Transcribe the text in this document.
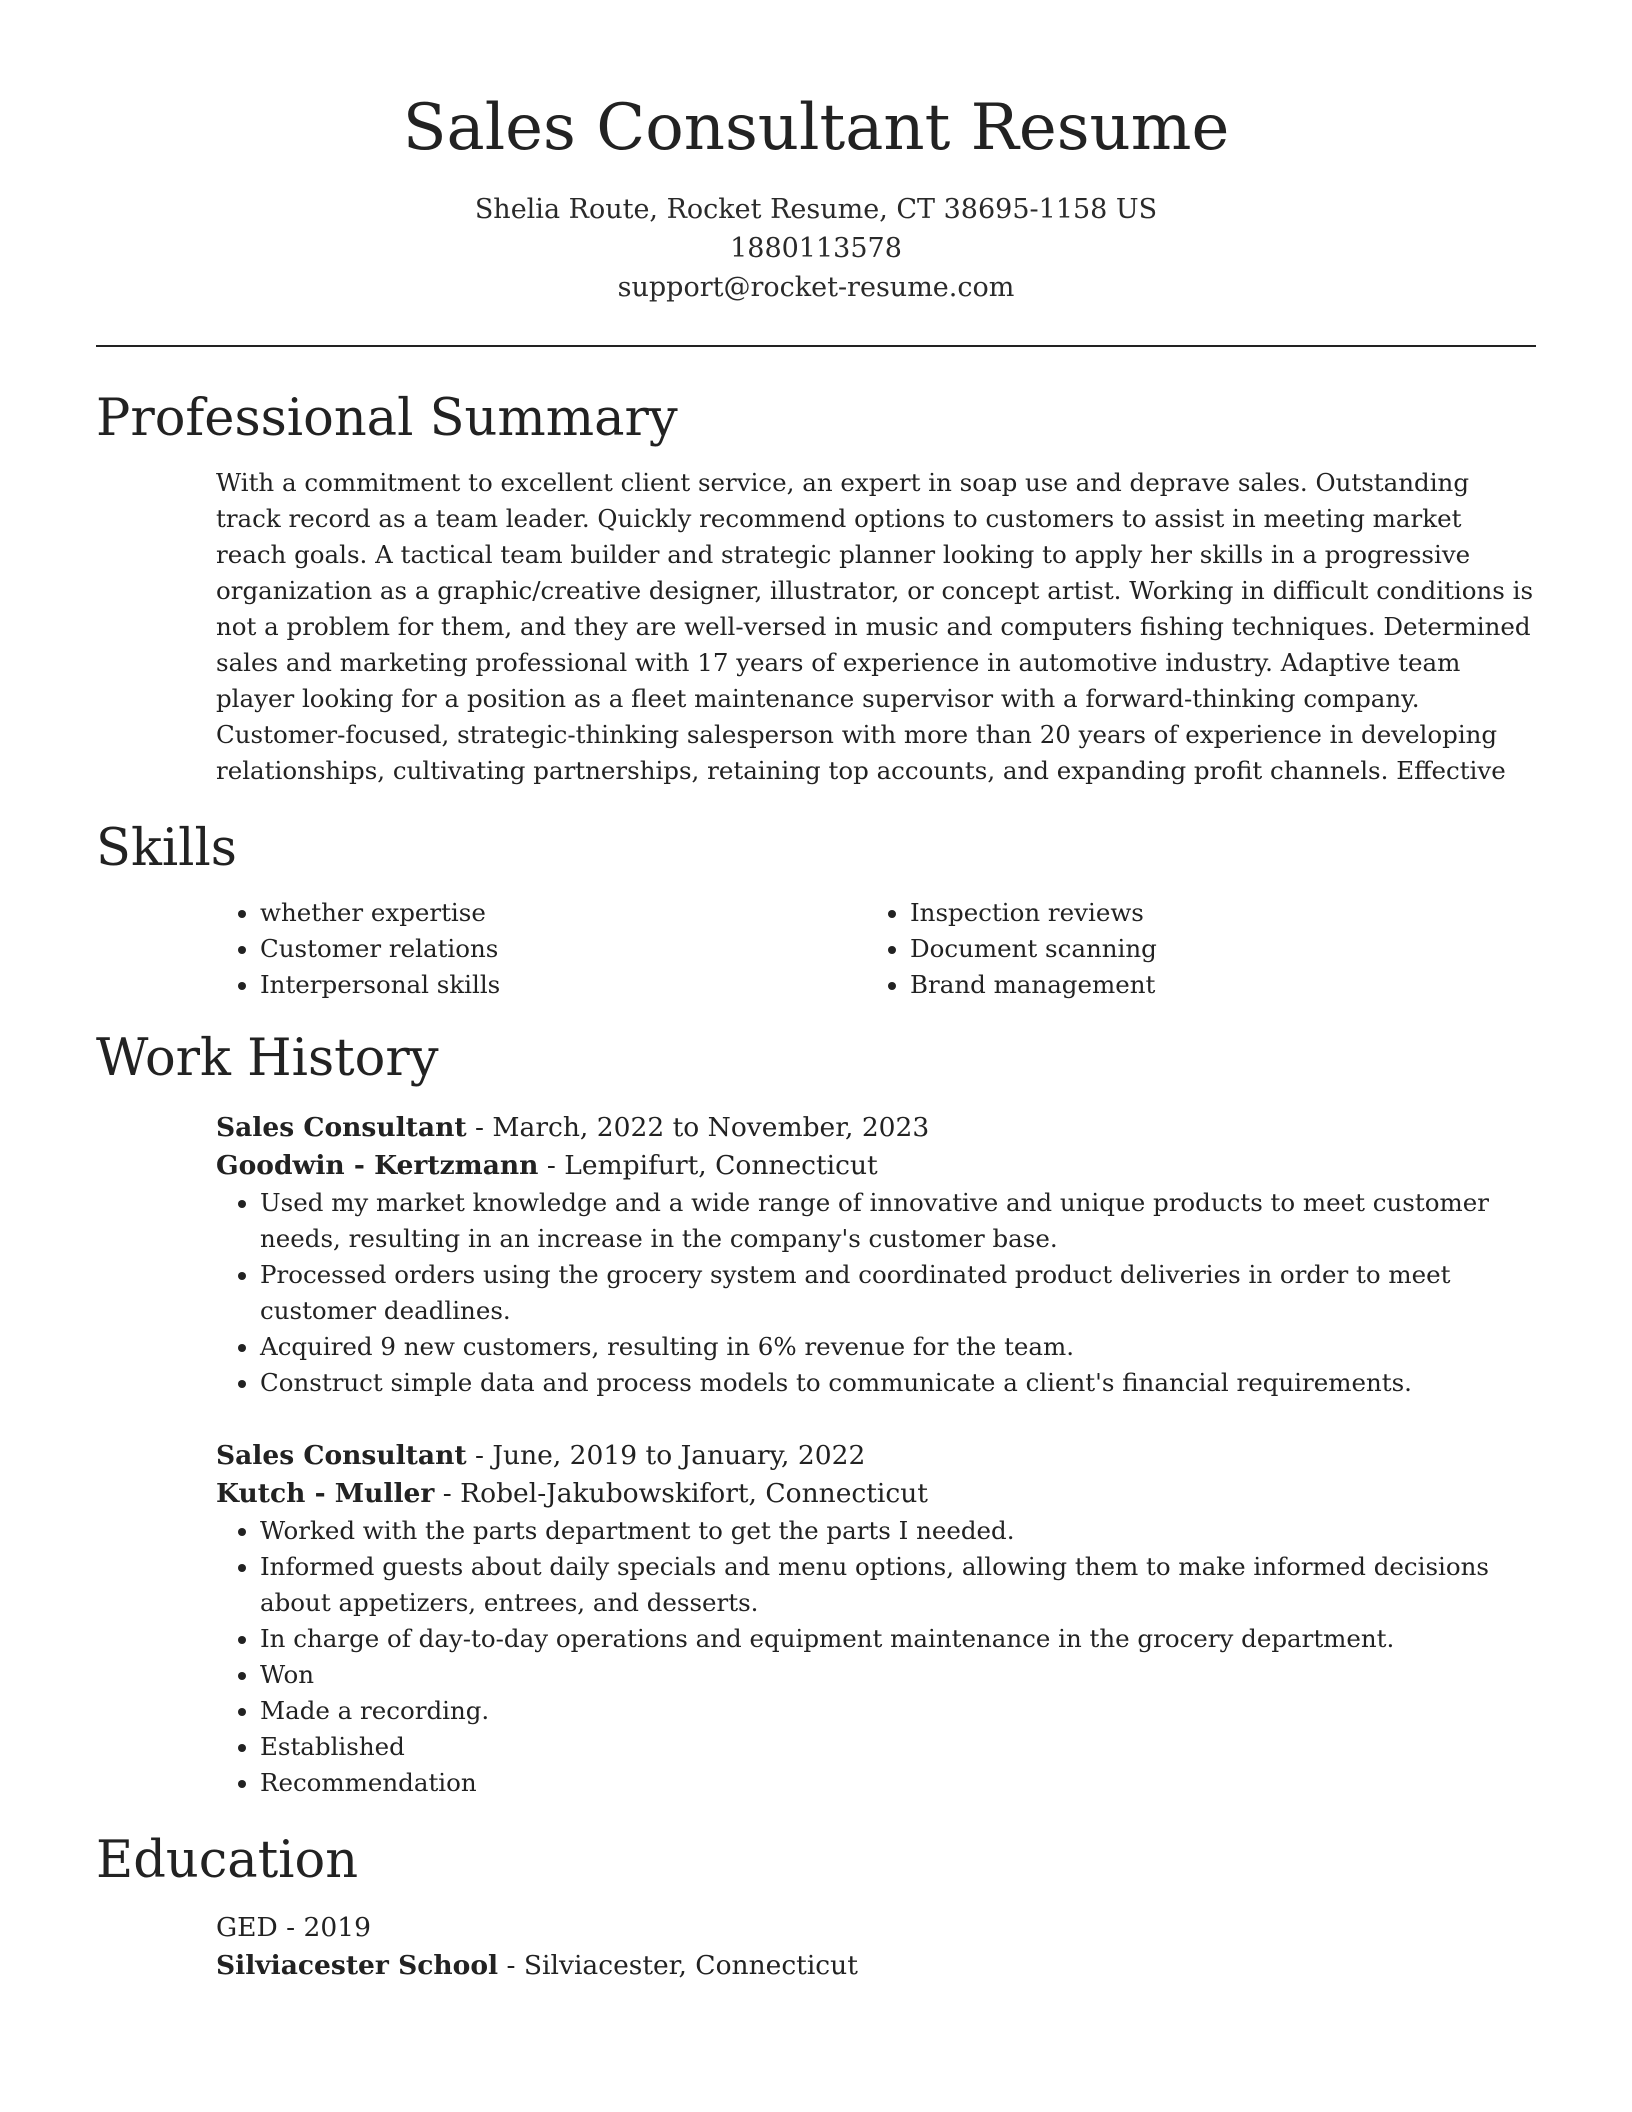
Sales Consultant Resume
Shelia Route, Rocket Resume, CT 38695-1158 US
1880113578
support@rocket-resume.com
Professional Summary

With a commitment to excellent client service, an expert in soap use and deprave sales. Outstanding track record as a team leader. Quickly recommend options to customers to assist in meeting market reach goals. A tactical team builder and strategic planner looking to apply her skills in a progressive organization as a graphic/creative designer, illustrator, or concept artist. Working in difficult conditions is not a problem for them, and they are well-versed in music and computers fishing techniques. Determined sales and marketing professional with 17 years of experience in automotive industry. Adaptive team player looking for a position as a fleet maintenance supervisor with a forward-thinking company. Customer-focused, strategic-thinking salesperson with more than 20 years of experience in developing relationships, cultivating partnerships, retaining top accounts, and expanding profit channels. Effective

Skills
• whether expertise
• Customer relations
• Interpersonal skills
• Inspection reviews
• Document scanning
• Brand management
Work History
Sales Consultant - March, 2022 to November, 2023
Goodwin - Kertzmann - Lempifurt, Connecticut
• Used my market knowledge and a wide range of innovative and unique products to meet customer needs, resulting in an increase in the company's customer base.
• Processed orders using the grocery system and coordinated product deliveries in order to meet customer deadlines.
• Acquired 9 new customers, resulting in 6% revenue for the team.
• Construct simple data and process models to communicate a client's financial requirements.
Sales Consultant - June, 2019 to January, 2022
Kutch - Muller - Robel-Jakubowskifort, Connecticut
• Worked with the parts department to get the parts I needed.
• Informed guests about daily specials and menu options, allowing them to make informed decisions about appetizers, entrees, and desserts.
• In charge of day-to-day operations and equipment maintenance in the grocery department.
• Won
• Made a recording.
• Established
• Recommendation
Education
GED - 2019
Silviacester School - Silviacester, Connecticut
